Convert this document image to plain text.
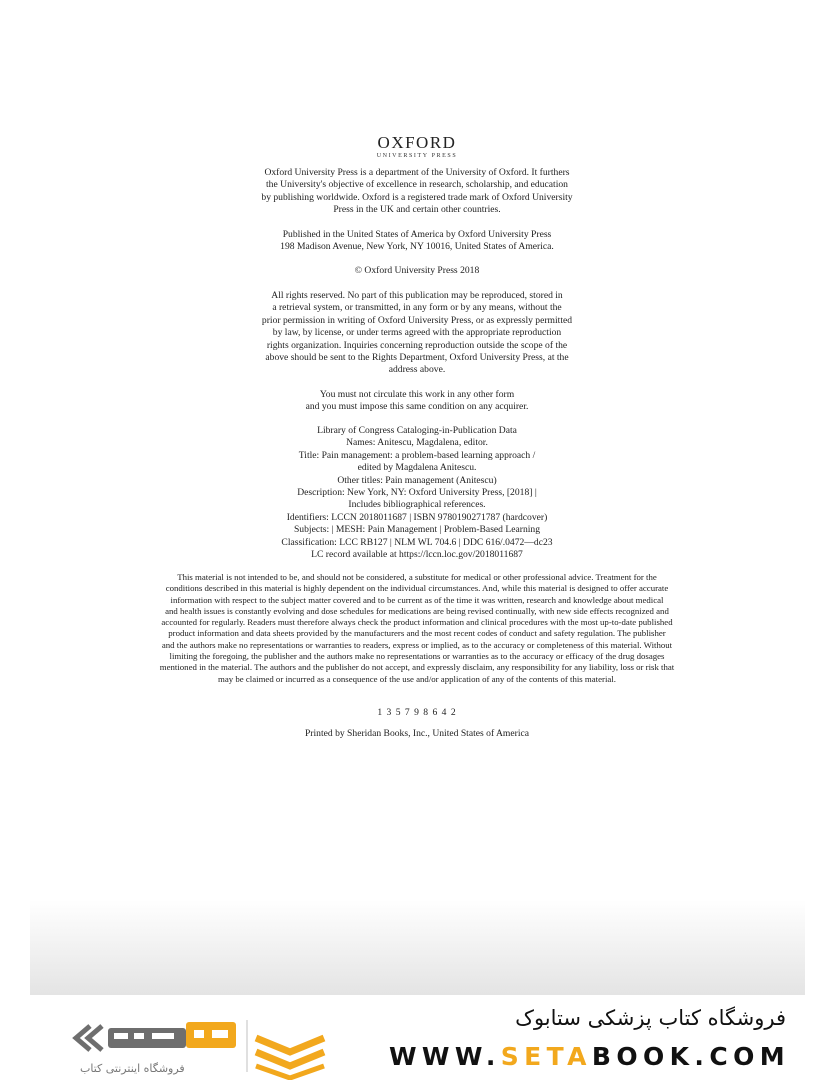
OXFORD
UNIVERSITY PRESS
Oxford University Press is a department of the University of Oxford. It furthers
the University's objective of excellence in research, scholarship, and education
by publishing worldwide. Oxford is a registered trade mark of Oxford University
Press in the UK and certain other countries.
Published in the United States of America by Oxford University Press
198 Madison Avenue, New York, NY 10016, United States of America.
© Oxford University Press 2018
All rights reserved. No part of this publication may be reproduced, stored in
a retrieval system, or transmitted, in any form or by any means, without the
prior permission in writing of Oxford University Press, or as expressly permitted
by law, by license, or under terms agreed with the appropriate reproduction
rights organization. Inquiries concerning reproduction outside the scope of the
above should be sent to the Rights Department, Oxford University Press, at the
address above.
You must not circulate this work in any other form
and you must impose this same condition on any acquirer.
Library of Congress Cataloging-in-Publication Data
Names: Anitescu, Magdalena, editor.
Title: Pain management: a problem-based learning approach /
edited by Magdalena Anitescu.
Other titles: Pain management (Anitescu)
Description: New York, NY: Oxford University Press, [2018] |
Includes bibliographical references.
Identifiers: LCCN 2018011687 | ISBN 9780190271787 (hardcover)
Subjects: | MESH: Pain Management | Problem-Based Learning
Classification: LCC RB127 | NLM WL 704.6 | DDC 616/.0472—dc23
LC record available at https://lccn.loc.gov/2018011687
This material is not intended to be, and should not be considered, a substitute for medical or other professional advice. Treatment for the
conditions described in this material is highly dependent on the individual circumstances. And, while this material is designed to offer accurate
information with respect to the subject matter covered and to be current as of the time it was written, research and knowledge about medical
and health issues is constantly evolving and dose schedules for medications are being revised continually, with new side effects recognized and
accounted for regularly. Readers must therefore always check the product information and clinical procedures with the most up-to-date published
product information and data sheets provided by the manufacturers and the most recent codes of conduct and safety regulation. The publisher
and the authors make no representations or warranties to readers, express or implied, as to the accuracy or completeness of this material. Without
limiting the foregoing, the publisher and the authors make no representations or warranties as to the accuracy or efficacy of the drug dosages
mentioned in the material. The authors and the publisher do not accept, and expressly disclaim, any responsibility for any liability, loss or risk that
may be claimed or incurred as a consequence of the use and/or application of any of the contents of this material.
1 3 5 7 9 8 6 4 2
Printed by Sheridan Books, Inc., United States of America
فروشگاه اینترنتی کتاب
فروشگاه کتاب پزشکی ستابوک
WWW.SETABOOK.COM
